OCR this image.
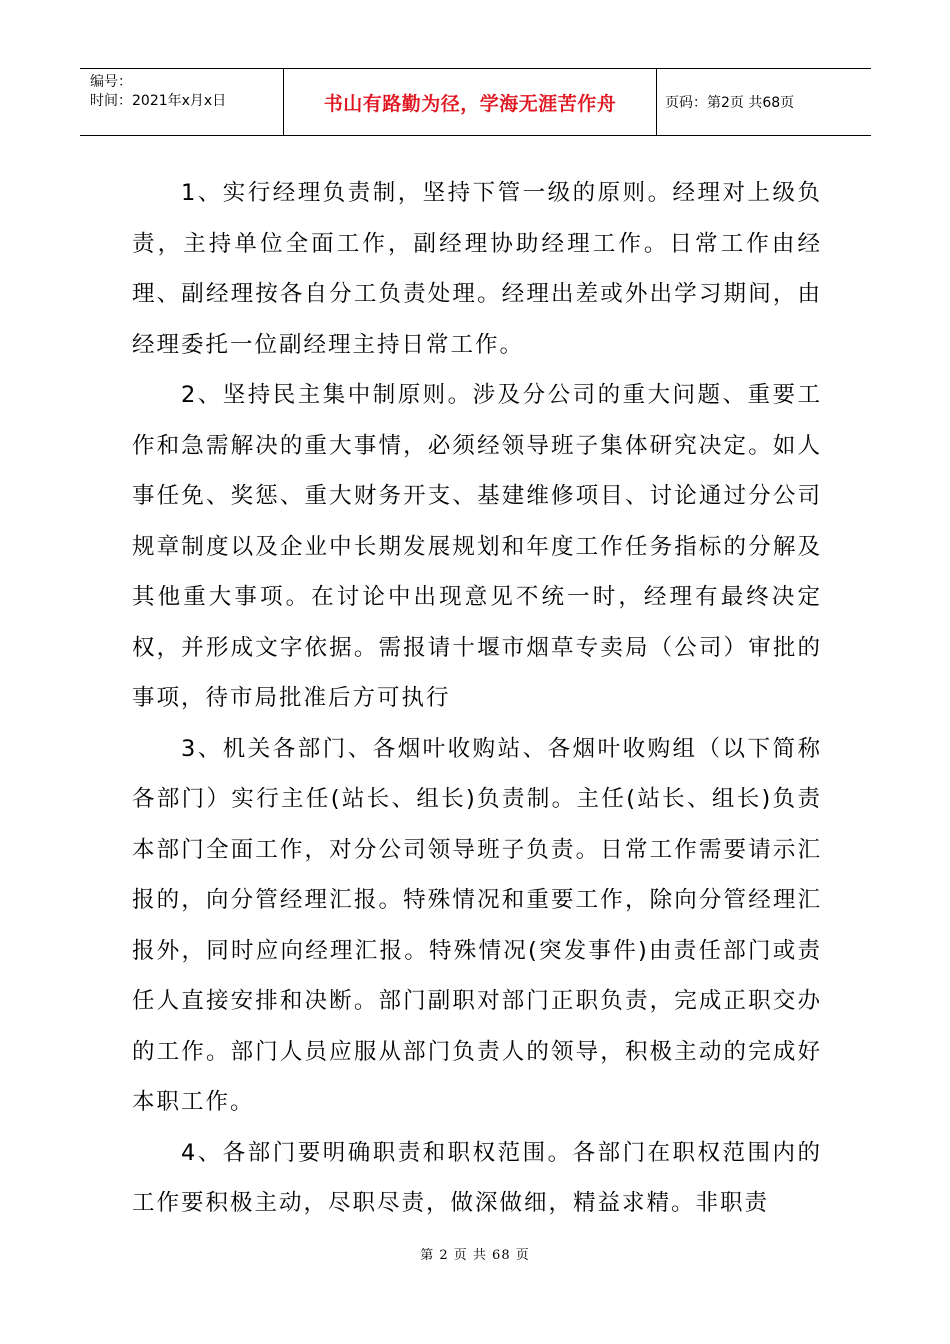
编号：
时间：2021年x月x日	书山有路勤为径，学海无涯苦作舟	页码：第2页 共68页

1、实行经理负责制，坚持下管一级的原则。经理对上级负责，主持单位全面工作，副经理协助经理工作。日常工作由经理、副经理按各自分工负责处理。经理出差或外出学习期间，由经理委托一位副经理主持日常工作。

2、坚持民主集中制原则。涉及分公司的重大问题、重要工作和急需解决的重大事情，必须经领导班子集体研究决定。如人事任免、奖惩、重大财务开支、基建维修项目、讨论通过分公司规章制度以及企业中长期发展规划和年度工作任务指标的分解及其他重大事项。在讨论中出现意见不统一时，经理有最终决定权，并形成文字依据。需报请十堰市烟草专卖局（公司）审批的事项，待市局批准后方可执行

3、机关各部门、各烟叶收购站、各烟叶收购组（以下简称各部门）实行主任(站长、组长)负责制。主任(站长、组长)负责本部门全面工作，对分公司领导班子负责。日常工作需要请示汇报的，向分管经理汇报。特殊情况和重要工作，除向分管经理汇报外，同时应向经理汇报。特殊情况(突发事件)由责任部门或责任人直接安排和决断。部门副职对部门正职负责，完成正职交办的工作。部门人员应服从部门负责人的领导，积极主动的完成好本职工作。

4、各部门要明确职责和职权范围。各部门在职权范围内的工作要积极主动，尽职尽责，做深做细，精益求精。非职责

第 2 页 共 68 页
